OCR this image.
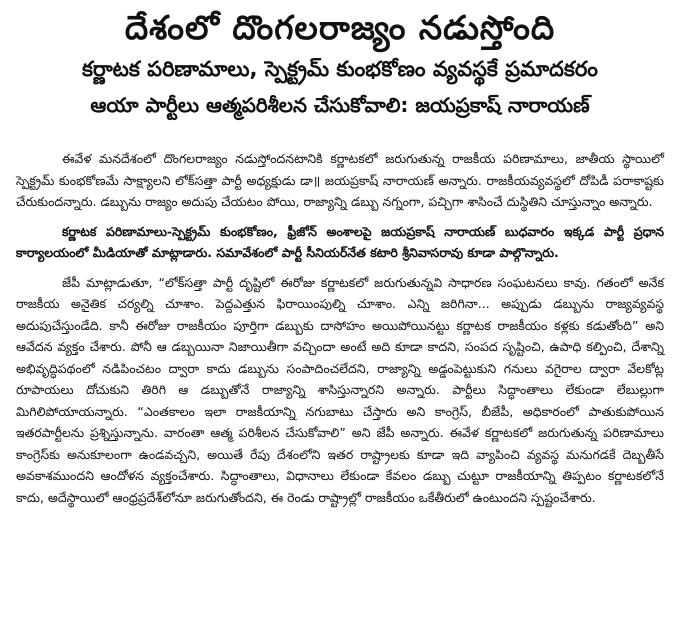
దేశంలో దొంగలరాజ్యం నడుస్తోంది
కర్ణాటక పరిణామాలు, స్పెక్ట్రమ్ కుంభకోణం వ్యవస్థకే ప్రమాదకరం
ఆయా పార్టీలు ఆత్మపరిశీలన చేసుకోవాలి: జయప్రకాష్ నారాయణ్

ఈవేళ మనదేశంలో దొంగలరాజ్యం నడుస్తోందనటానికి కర్ణాటకలో జరుగుతున్న రాజకీయ పరిణామాలు, జాతీయ స్థాయిలో స్పెక్ట్రమ్ కుంభకోణమే సాక్ష్యాలని లోక్‌సత్తా పార్టీ అధ్యక్షుడు డా॥ జయప్రకాష్ నారాయణ్ అన్నారు. రాజకీయవ్యవస్థలో దోపిడీ పరాకాష్టకు చేరుకుందన్నారు. డబ్బును రాజ్యం అదుపు చేయటం పోయి, రాజ్యాన్ని డబ్బు నగ్నంగా, పచ్చిగా శాసించే దుస్థితిని చూస్తున్నాం అన్నారు.

కర్ణాటక పరిణామాలు-స్పెక్ట్రమ్ కుంభకోణం, ఫ్రీజోన్ అంశాలపై జయప్రకాష్ నారాయణ్ బుధవారం ఇక్కడ పార్టీ ప్రధాన కార్యాలయంలో మీడియాతో మాట్లాడారు. సమావేశంలో పార్టీ సీనియర్‌నేత కటారి శ్రీనివాసరావు కూడా పాల్గొన్నారు.

జేపీ మాట్లాడుతూ, “లోక్‌సత్తా పార్టీ దృష్టిలో ఈరోజు కర్ణాటకలో జరుగుతున్నవి సాధారణ సంఘటనలు కావు. గతంలో అనేక రాజకీయ అనైతిక చర్యల్ని చూశాం. పెద్దఎత్తున ఫిరాయింపుల్ని చూశాం. ఎన్ని జరిగినా... అప్పుడు డబ్బును రాజ్యవ్యవస్థ అదుపుచేస్తుండేది. కానీ ఈరోజు రాజకీయం పూర్తిగా డబ్బుకు దాసోహం అయిపోయినట్టు కర్ణాటక రాజకీయం కళ్లకు కడుతోంది” అని ఆవేదన వ్యక్తం చేశారు. పోనీ ఆ డబ్బయినా నిజాయితీగా వచ్చిందా అంటే అది కూడా కాదని, సంపద సృష్టించి, ఉపాధి కల్పించి, దేశాన్ని అభివృద్ధిపథంలో నడిపించటం ద్వారా కాదు డబ్బును సంపాదించలేదని, రాజ్యాన్ని అడ్డంపెట్టుకుని గనులు వగైరాల ద్వారా వేలకోట్ల రూపాయలు దోచుకుని తిరిగి ఆ డబ్బుతోనే రాజ్యాన్ని శాసిస్తున్నారని అన్నారు. పార్టీలు సిద్ధాంతాలు లేకుండా లేబుల్లుగా మిగిలిపోయాయన్నారు. “ఎంతకాలం ఇలా రాజకీయాన్ని నగుబాటు చేస్తారు అని కాంగ్రెస్, బీజేపీ, అధికారంలో పాతుకుపోయిన ఇతరపార్టీలను ప్రశ్నిస్తున్నాను. వారంతా ఆత్మ పరిశీలన చేసుకోవాలి” అని జేపీ అన్నారు. ఈవేళ కర్ణాటకలో జరుగుతున్న పరిణామాలు కాంగ్రెస్‌కు అనుకూలంగా ఉండవచ్చని, అయితే రేపు దేశంలోని ఇతర రాష్ట్రాలకు కూడా ఇది వ్యాపించి వ్యవస్థ మనుగడకే దెబ్బతీసే అవకాశముందని ఆందోళన వ్యక్తంచేశారు. సిద్ధాంతాలు, విధానాలు లేకుండా కేవలం డబ్బు చుట్టూ రాజకీయాన్ని తిప్పటం కర్ణాటకలోనే కాదు, అదేస్థాయిలో ఆంధ్రప్రదేశ్‌లోనూ జరుగుతోందని, ఈ రెండు రాష్ట్రాల్లో రాజకీయం ఒకేతీరులో ఉంటుందని స్పష్టంచేశారు.
